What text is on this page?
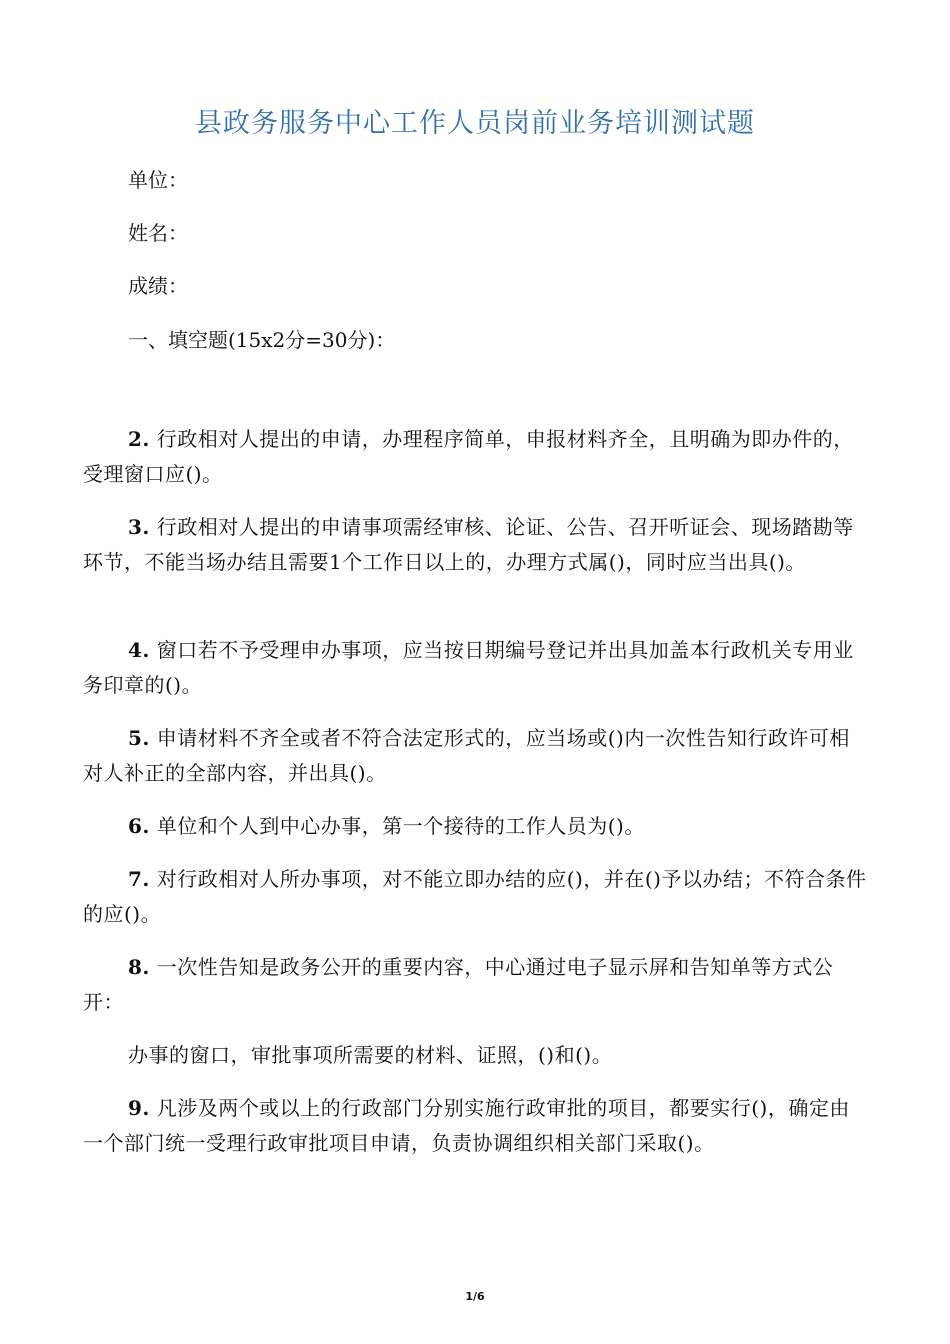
县政务服务中心工作人员岗前业务培训测试题
单位：
姓名：
成绩：
一、填空题(15x2分=30分)：
2. 行政相对人提出的申请，办理程序简单，申报材料齐全，且明确为即办件的，受理窗口应()。
3. 行政相对人提出的申请事项需经审核、论证、公告、召开听证会、现场踏勘等环节，不能当场办结且需要1个工作日以上的，办理方式属()，同时应当出具()。
4. 窗口若不予受理申办事项，应当按日期编号登记并出具加盖本行政机关专用业务印章的()。
5. 申请材料不齐全或者不符合法定形式的，应当场或()内一次性告知行政许可相对人补正的全部内容，并出具()。
6. 单位和个人到中心办事，第一个接待的工作人员为()。
7. 对行政相对人所办事项，对不能立即办结的应()，并在()予以办结；不符合条件的应()。
8. 一次性告知是政务公开的重要内容，中心通过电子显示屏和告知单等方式公开：
办事的窗口，审批事项所需要的材料、证照，()和()。
9. 凡涉及两个或以上的行政部门分别实施行政审批的项目，都要实行()，确定由一个部门统一受理行政审批项目申请，负责协调组织相关部门采取()。
1/6
